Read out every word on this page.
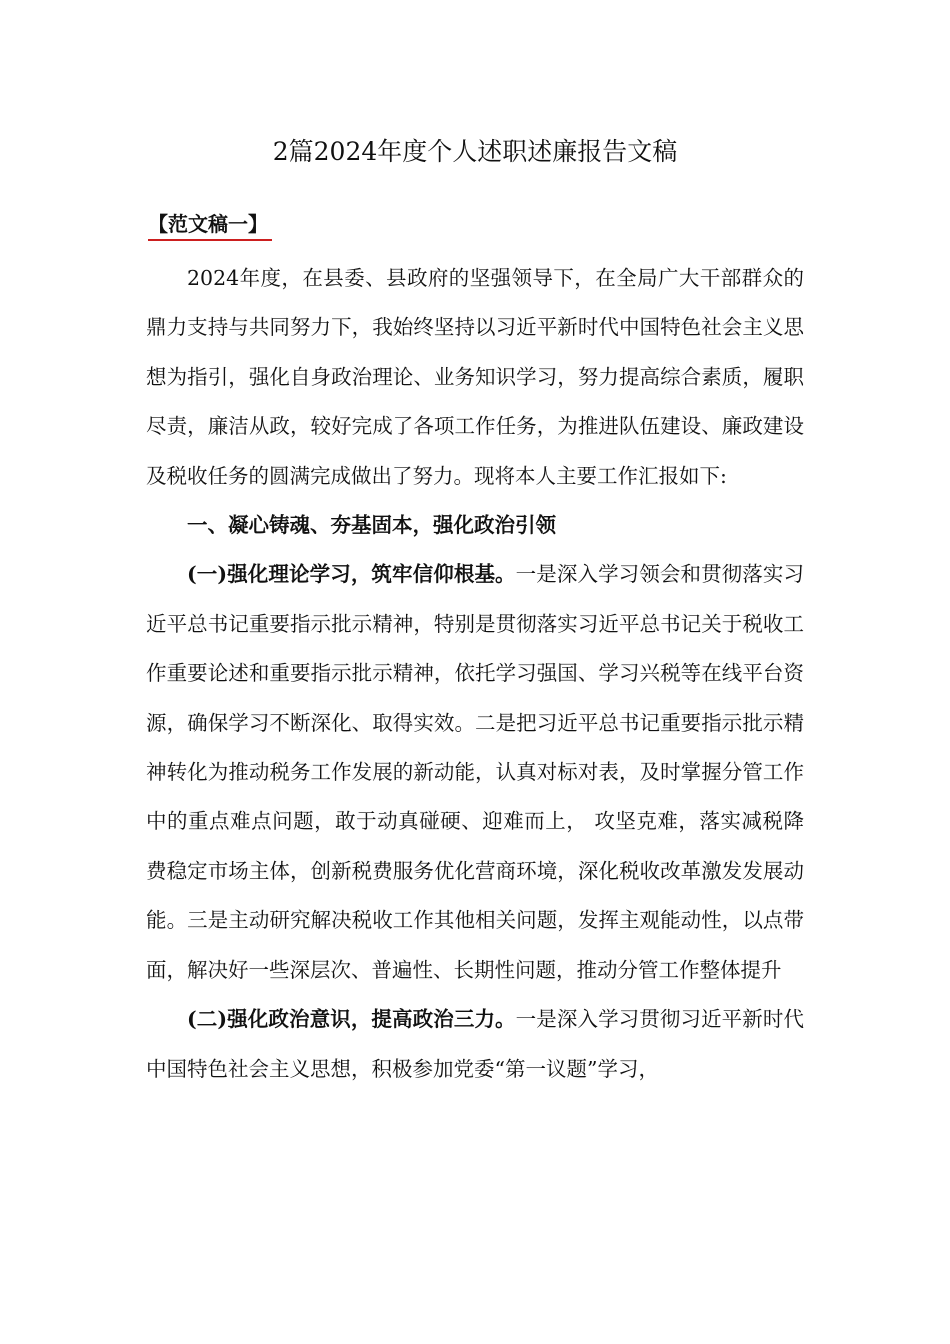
2篇2024年度个人述职述廉报告文稿
【范文稿一】

2024年度，在县委、县政府的坚强领导下，在全局广大干部群众的鼎力支持与共同努力下，我始终坚持以习近平新时代中国特色社会主义思想为指引，强化自身政治理论、业务知识学习，努力提高综合素质，履职尽责，廉洁从政，较好完成了各项工作任务，为推进队伍建设、廉政建设及税收任务的圆满完成做出了努力。现将本人主要工作汇报如下:

一、凝心铸魂、夯基固本，强化政治引领

(一)强化理论学习，筑牢信仰根基。一是深入学习领会和贯彻落实习近平总书记重要指示批示精神，特别是贯彻落实习近平总书记关于税收工作重要论述和重要指示批示精神，依托学习强国、学习兴税等在线平台资源，确保学习不断深化、取得实效。二是把习近平总书记重要指示批示精神转化为推动税务工作发展的新动能，认真对标对表，及时掌握分管工作中的重点难点问题，敢于动真碰硬、迎难而上， 攻坚克难，落实减税降费稳定市场主体，创新税费服务优化营商环境，深化税收改革激发发展动能。三是主动研究解决税收工作其他相关问题，发挥主观能动性，以点带面，解决好一些深层次、普遍性、长期性问题，推动分管工作整体提升

(二)强化政治意识，提高政治三力。一是深入学习贯彻习近平新时代中国特色社会主义思想，积极参加党委“第一议题”学习，
